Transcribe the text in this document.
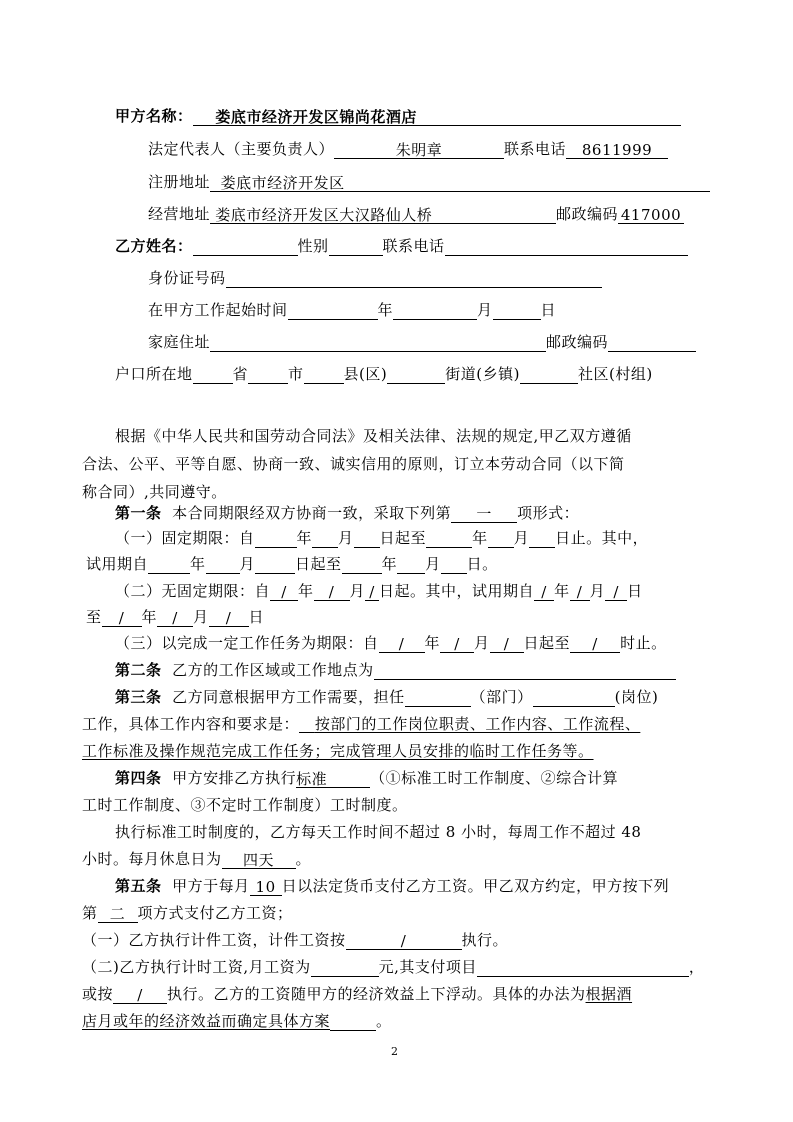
甲方名称： 娄底市经济开发区锦尚花酒店
法定代表人（主要负责人）	朱明章	联系电话 8611999
注册地址 娄底市经济开发区
经营地址 娄底市经济开发区大汉路仙人桥	邮政编码 417000
乙方姓名：	性别	联系电话
身份证号码
在甲方工作起始时间	年	月	日
家庭住址	邮政编码
户口所在地	省	市	县(区)	街道(乡镇)	社区(村组)
根据《中华人民共和国劳动合同法》及相关法律、法规的规定,甲乙双方遵循
合法、公平、平等自愿、协商一致、诚实信用的原则，订立本劳动合同（以下简
称合同）,共同遵守。
第一条 本合同期限经双方协商一致，采取下列第 一 项形式：
（一）固定期限：自	年 月 日起至	年 月 日止。其中，
试用期自	年 月	日起至	年 月 日。
（二）无固定期限：自 / 年 / 月 / 日起。其中，试用期自 / 年 / 月 / 日
至 / 年 / 月 / 日
（三）以完成一定工作任务为期限：自 / 年 / 月 / 日起至 / 时止。
第二条 乙方的工作区域或工作地点为
第三条 乙方同意根据甲方工作需要，担任	（部门）	(岗位)
工作，具体工作内容和要求是： 按部门的工作岗位职责、工作内容、工作流程、
工作标准及操作规范完成工作任务；完成管理人员安排的临时工作任务等。
第四条 甲方安排乙方执行标准	（①标准工时工作制度、②综合计算
工时工作制度、③不定时工作制度）工时制度。
执行标准工时制度的，乙方每天工作时间不超过 8 小时，每周工作不超过 48
小时。每月休息日为 四天 。
第五条 甲方于每月 10 日以法定货币支付乙方工资。甲乙双方约定，甲方按下列
第 二 项方式支付乙方工资；
（一）乙方执行计件工资，计件工资按	/	执行。
（二)乙方执行计时工资,月工资为	元,其支付项目	，
或按 / 执行。乙方的工资随甲方的经济效益上下浮动。具体的办法为根据酒
店月或年的经济效益而确定具体方案	。
2
